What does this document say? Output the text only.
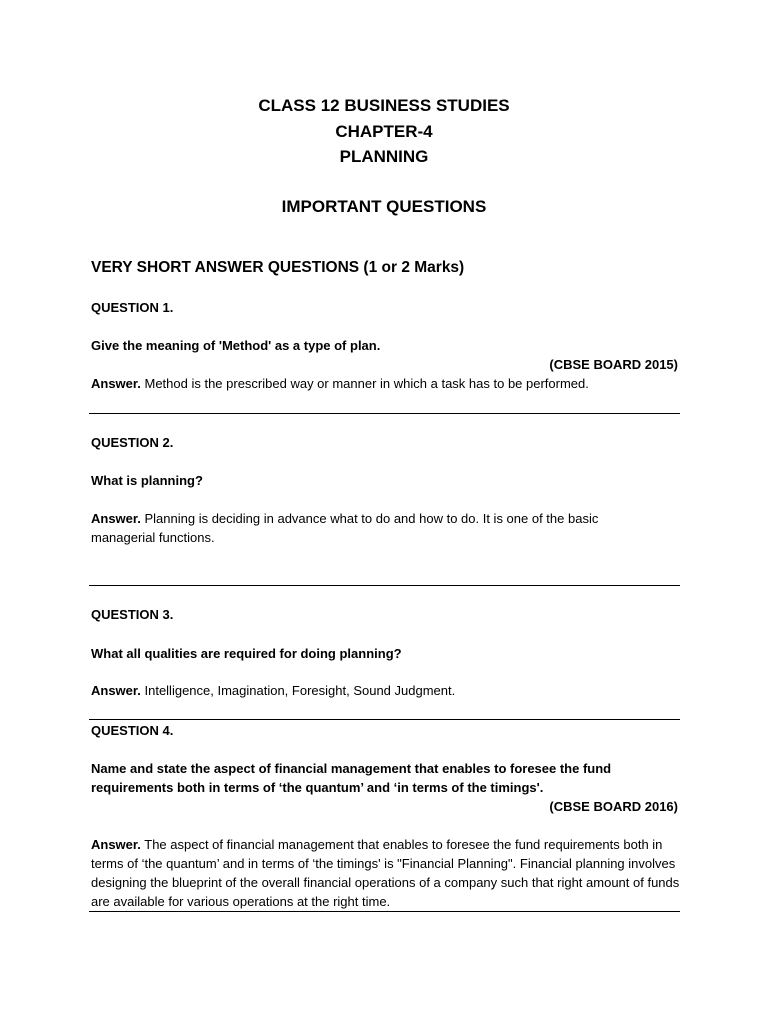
CLASS 12 BUSINESS STUDIES
CHAPTER-4
PLANNING
IMPORTANT QUESTIONS
VERY SHORT ANSWER QUESTIONS (1 or 2 Marks)
QUESTION 1.
Give the meaning of 'Method' as a type of plan.
(CBSE BOARD 2015)
Answer. Method is the prescribed way or manner in which a task has to be performed.
QUESTION 2.
What is planning?
Answer. Planning is deciding in advance what to do and how to do. It is one of the basic managerial functions.
QUESTION 3.
What all qualities are required for doing planning?
Answer. Intelligence, Imagination, Foresight, Sound Judgment.
QUESTION 4.
Name and state the aspect of financial management that enables to foresee the fund requirements both in terms of ‘the quantum’ and ‘in terms of the timings'.
(CBSE BOARD 2016)
Answer. The aspect of financial management that enables to foresee the fund requirements both in terms of ‘the quantum’ and in terms of ‘the timings' is "Financial Planning". Financial planning involves designing the blueprint of the overall financial operations of a company such that right amount of funds are available for various operations at the right time.
